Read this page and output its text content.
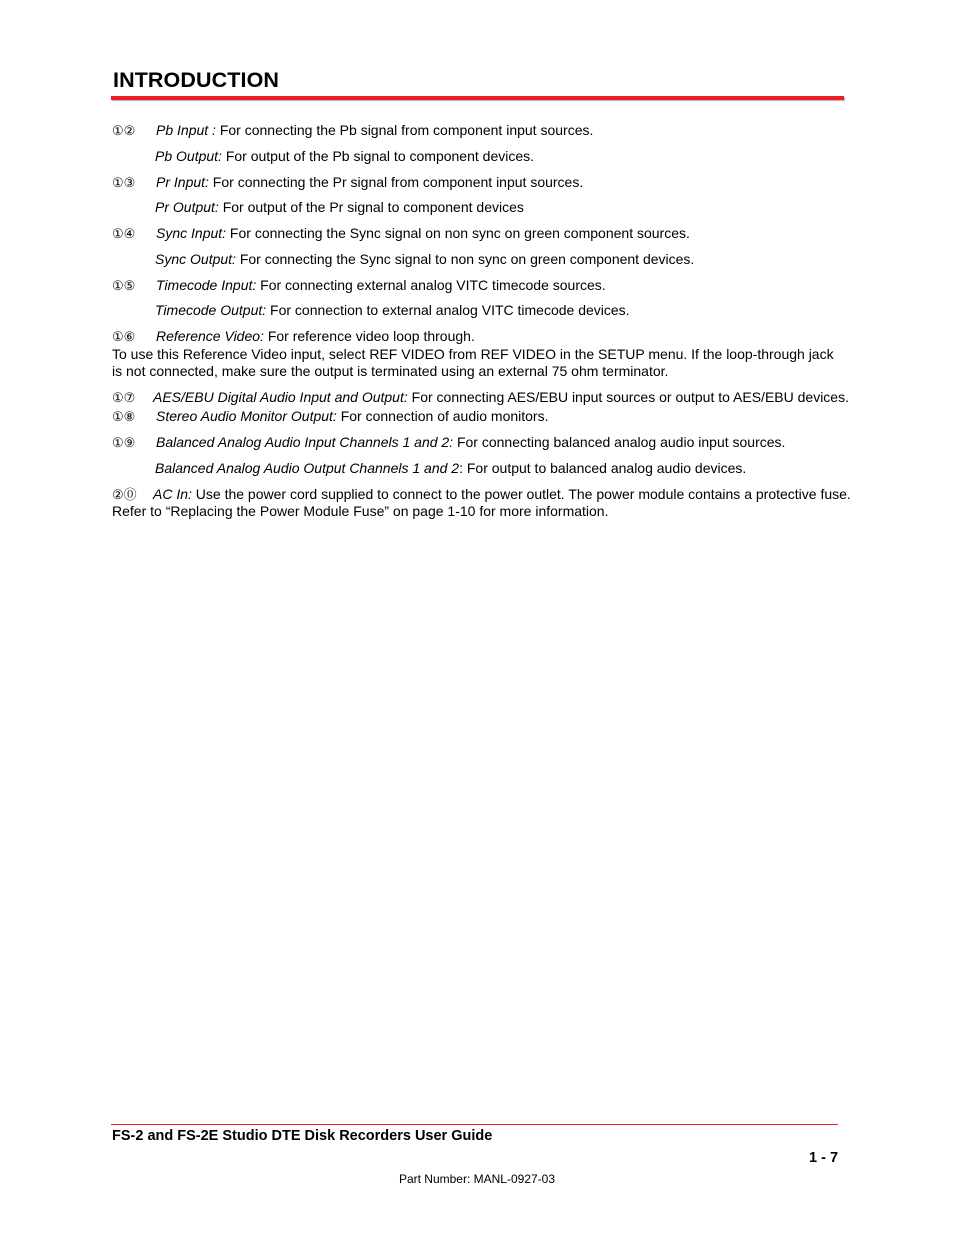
INTRODUCTION
①② Pb Input : For connecting the Pb signal from component input sources.
Pb Output: For output of the Pb signal to component devices.
①③ Pr Input: For connecting the Pr signal from component input sources.
Pr Output: For output of the Pr signal to component devices
①④ Sync Input: For connecting the Sync signal on non sync on green component sources.
Sync Output: For connecting the Sync signal to non sync on green component devices.
①⑤ Timecode Input: For connecting external analog VITC timecode sources.
Timecode Output: For connection to external analog VITC timecode devices.
①⑥ Reference Video: For reference video loop through.
To use this Reference Video input, select REF VIDEO from REF VIDEO in the SETUP menu. If the loop-through jack
is not connected, make sure the output is terminated using an external 75 ohm terminator.
①⑦ AES/EBU Digital Audio Input and Output: For connecting AES/EBU input sources or output to AES/EBU devices.
①⑧ Stereo Audio Monitor Output: For connection of audio monitors.
①⑨ Balanced Analog Audio Input Channels 1 and 2: For connecting balanced analog audio input sources.
Balanced Analog Audio Output Channels 1 and 2: For output to balanced analog audio devices.
②⓪ AC In: Use the power cord supplied to connect to the power outlet. The power module contains a protective fuse.
Refer to “Replacing the Power Module Fuse” on page 1-10 for more information.
FS-2 and FS-2E Studio DTE Disk Recorders User Guide
1 - 7
Part Number: MANL-0927-03
